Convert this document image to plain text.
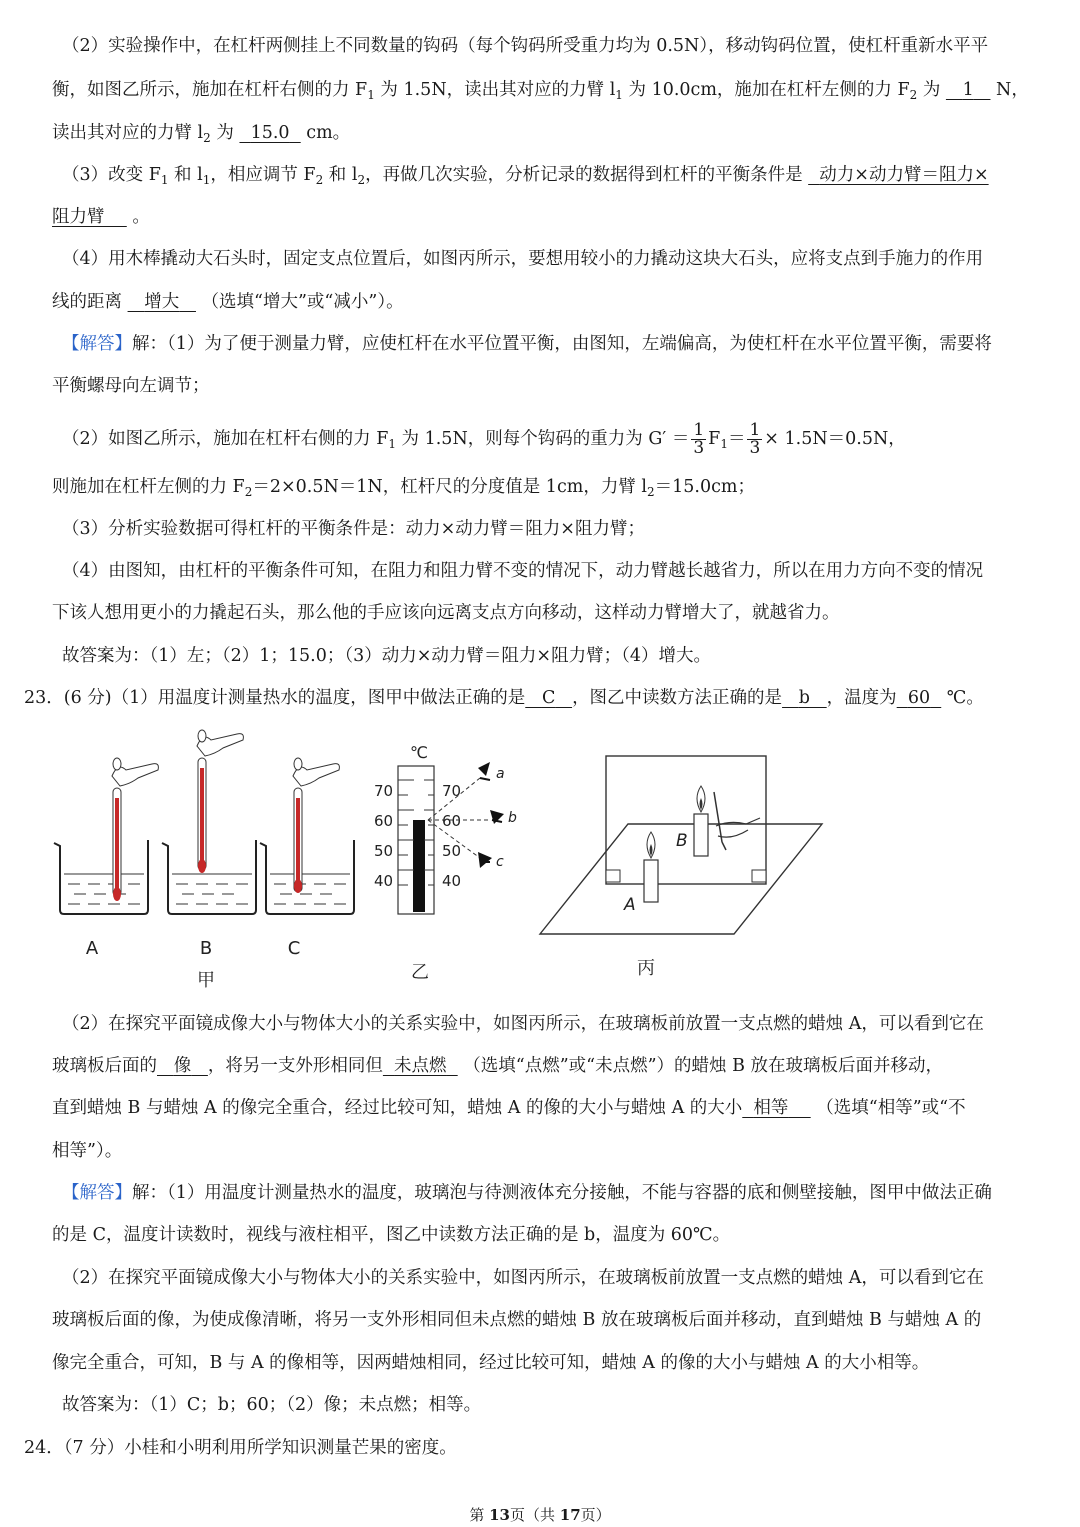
（2）实验操作中，在杠杆两侧挂上不同数量的钩码（每个钩码所受重力均为 0.5N），移动钩码位置，使杠杆重新水平平
衡，如图乙所示，施加在杠杆右侧的力 $F_1$ 为 1.5N，读出其对应的力臂 $l_1$ 为 10.0cm，施加在杠杆左侧的力 $F_2$ 为    1    N，
读出其对应的力臂 $l_2$ 为   15.0   cm。
（3）改变 $F_1$ 和 $l_1$，相应调节 $F_2$ 和 $l_2$，再做几次实验，分析记录的数据得到杠杆的平衡条件是   动力×动力臂＝阻力×
阻力臂     。
（4）用木棒撬动大石头时，固定支点位置后，如图丙所示，要想用较小的力撬动这块大石头，应将支点到手施力的作用
线的距离    增大    （选填“增大”或“减小”）。
【解答】解：（1）为了便于测量力臂，应使杠杆在水平位置平衡，由图知，左端偏高，为使杠杆在水平位置平衡，需要将
平衡螺母向左调节；
（2）如图乙所示，施加在杠杆右侧的力 $F_1$ 为 1.5N，则每个钩码的重力为 $G' = \frac{1}{3} F_1= \frac{1}{3} \times 1.5N=0.5N$，
则施加在杠杆左侧的力 $F_2=2\times 0.5N=1N$，杠杆尺的分度值是 1cm，力臂 $l_2=15.0cm$；
（3）分析实验数据可得杠杆的平衡条件是：动力×动力臂＝阻力×阻力臂；
（4）由图知，由杠杆的平衡条件可知，在阻力和阻力臂不变的情况下，动力臂越长越省力，所以在用力方向不变的情况
下该人想用更小的力撬起石头，那么他的手应该向远离支点方向移动，这样动力臂增大了，就越省力。
故答案为：（1）左；（2）1；15.0；（3）动力×动力臂＝阻力×阻力臂；（4）增大。
23．(6 分)（1）用温度计测量热水的温度，图甲中做法正确的是 C ，图乙中读数方法正确的是 b ，温度为 60   ℃。
A	B	C
甲
℃
70
60
50
40
70
60
50
40
a
b
c
乙
B
A
丙
（2）在探究平面镜成像大小与物体大小的关系实验中，如图丙所示，在玻璃板前放置一支点燃的蜡烛 A，可以看到它在
玻璃板后面的 像 ，将另一支外形相同但 未点燃   （选填“点燃”或“未点燃”）的蜡烛 B 放在玻璃板后面并移动，
直到蜡烛 B 与蜡烛 A 的像完全重合，经过比较可知，蜡烛 A 的像的大小与蜡烛 A 的大小 相等     （选填“相等”或“不
相等”）。
【解答】解：（1）用温度计测量热水的温度，玻璃泡与待测液体充分接触，不能与容器的底和侧壁接触，图甲中做法正确
的是 C，温度计读数时，视线与液柱相平，图乙中读数方法正确的是 b，温度为 60℃。
（2）在探究平面镜成像大小与物体大小的关系实验中，如图丙所示，在玻璃板前放置一支点燃的蜡烛 A，可以看到它在
玻璃板后面的像，为使成像清晰，将另一支外形相同但未点燃的蜡烛 B 放在玻璃板后面并移动，直到蜡烛 B 与蜡烛 A 的
像完全重合，可知，B 与 A 的像相等，因两蜡烛相同，经过比较可知，蜡烛 A 的像的大小与蜡烛 A 的大小相等。
故答案为：（1）C；b；60；（2）像；未点燃；相等。
24．（7 分）小桂和小明利用所学知识测量芒果的密度。
第 13页（共 17页）
